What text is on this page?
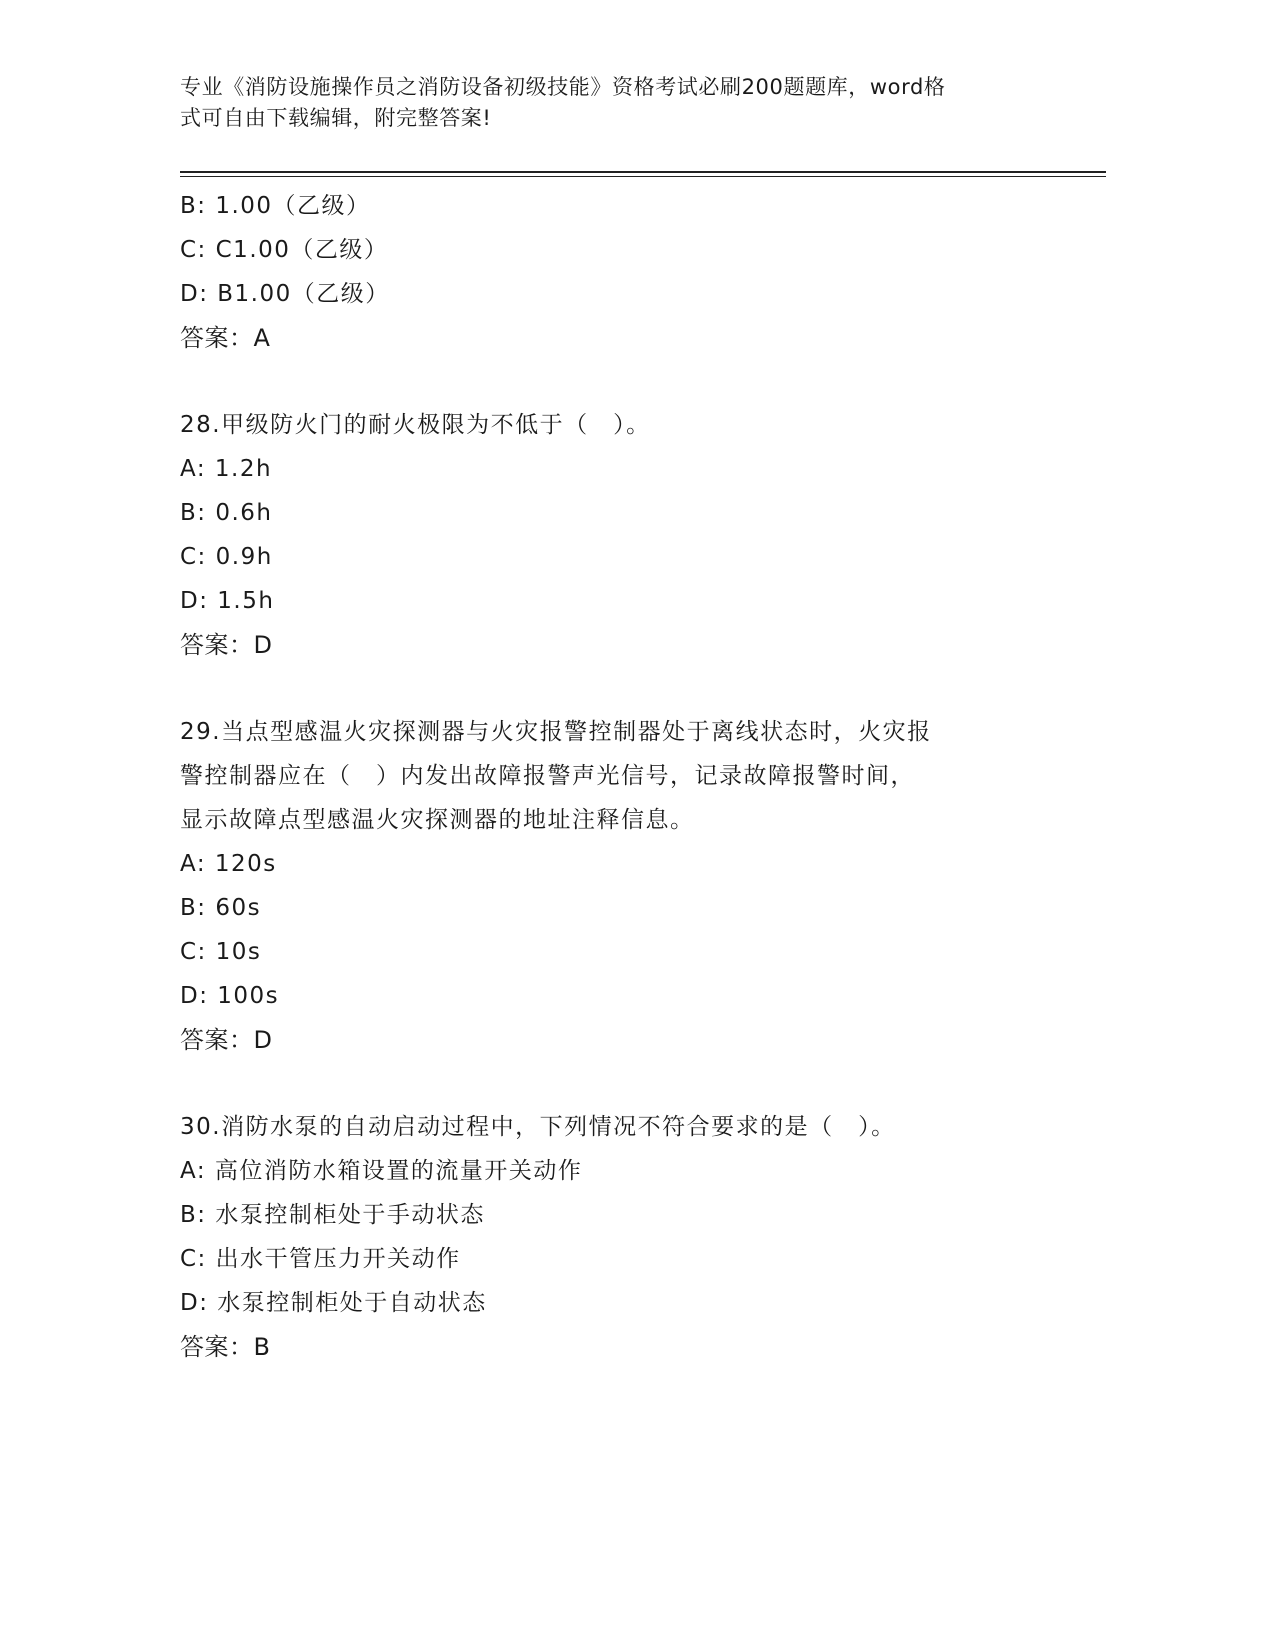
专业《消防设施操作员之消防设备初级技能》资格考试必刷200题题库，word格
式可自由下载编辑，附完整答案!
B: 1.00（乙级）
C: C1.00（乙级）
D: B1.00（乙级）
答案：A
28.甲级防火门的耐火极限为不低于（　）。
A: 1.2h
B: 0.6h
C: 0.9h
D: 1.5h
答案：D
29.当点型感温火灾探测器与火灾报警控制器处于离线状态时，火灾报
警控制器应在（　）内发出故障报警声光信号，记录故障报警时间，
显示故障点型感温火灾探测器的地址注释信息。
A: 120s
B: 60s
C: 10s
D: 100s
答案：D
30.消防水泵的自动启动过程中，下列情况不符合要求的是（　）。
A: 高位消防水箱设置的流量开关动作
B: 水泵控制柜处于手动状态
C: 出水干管压力开关动作
D: 水泵控制柜处于自动状态
答案：B
